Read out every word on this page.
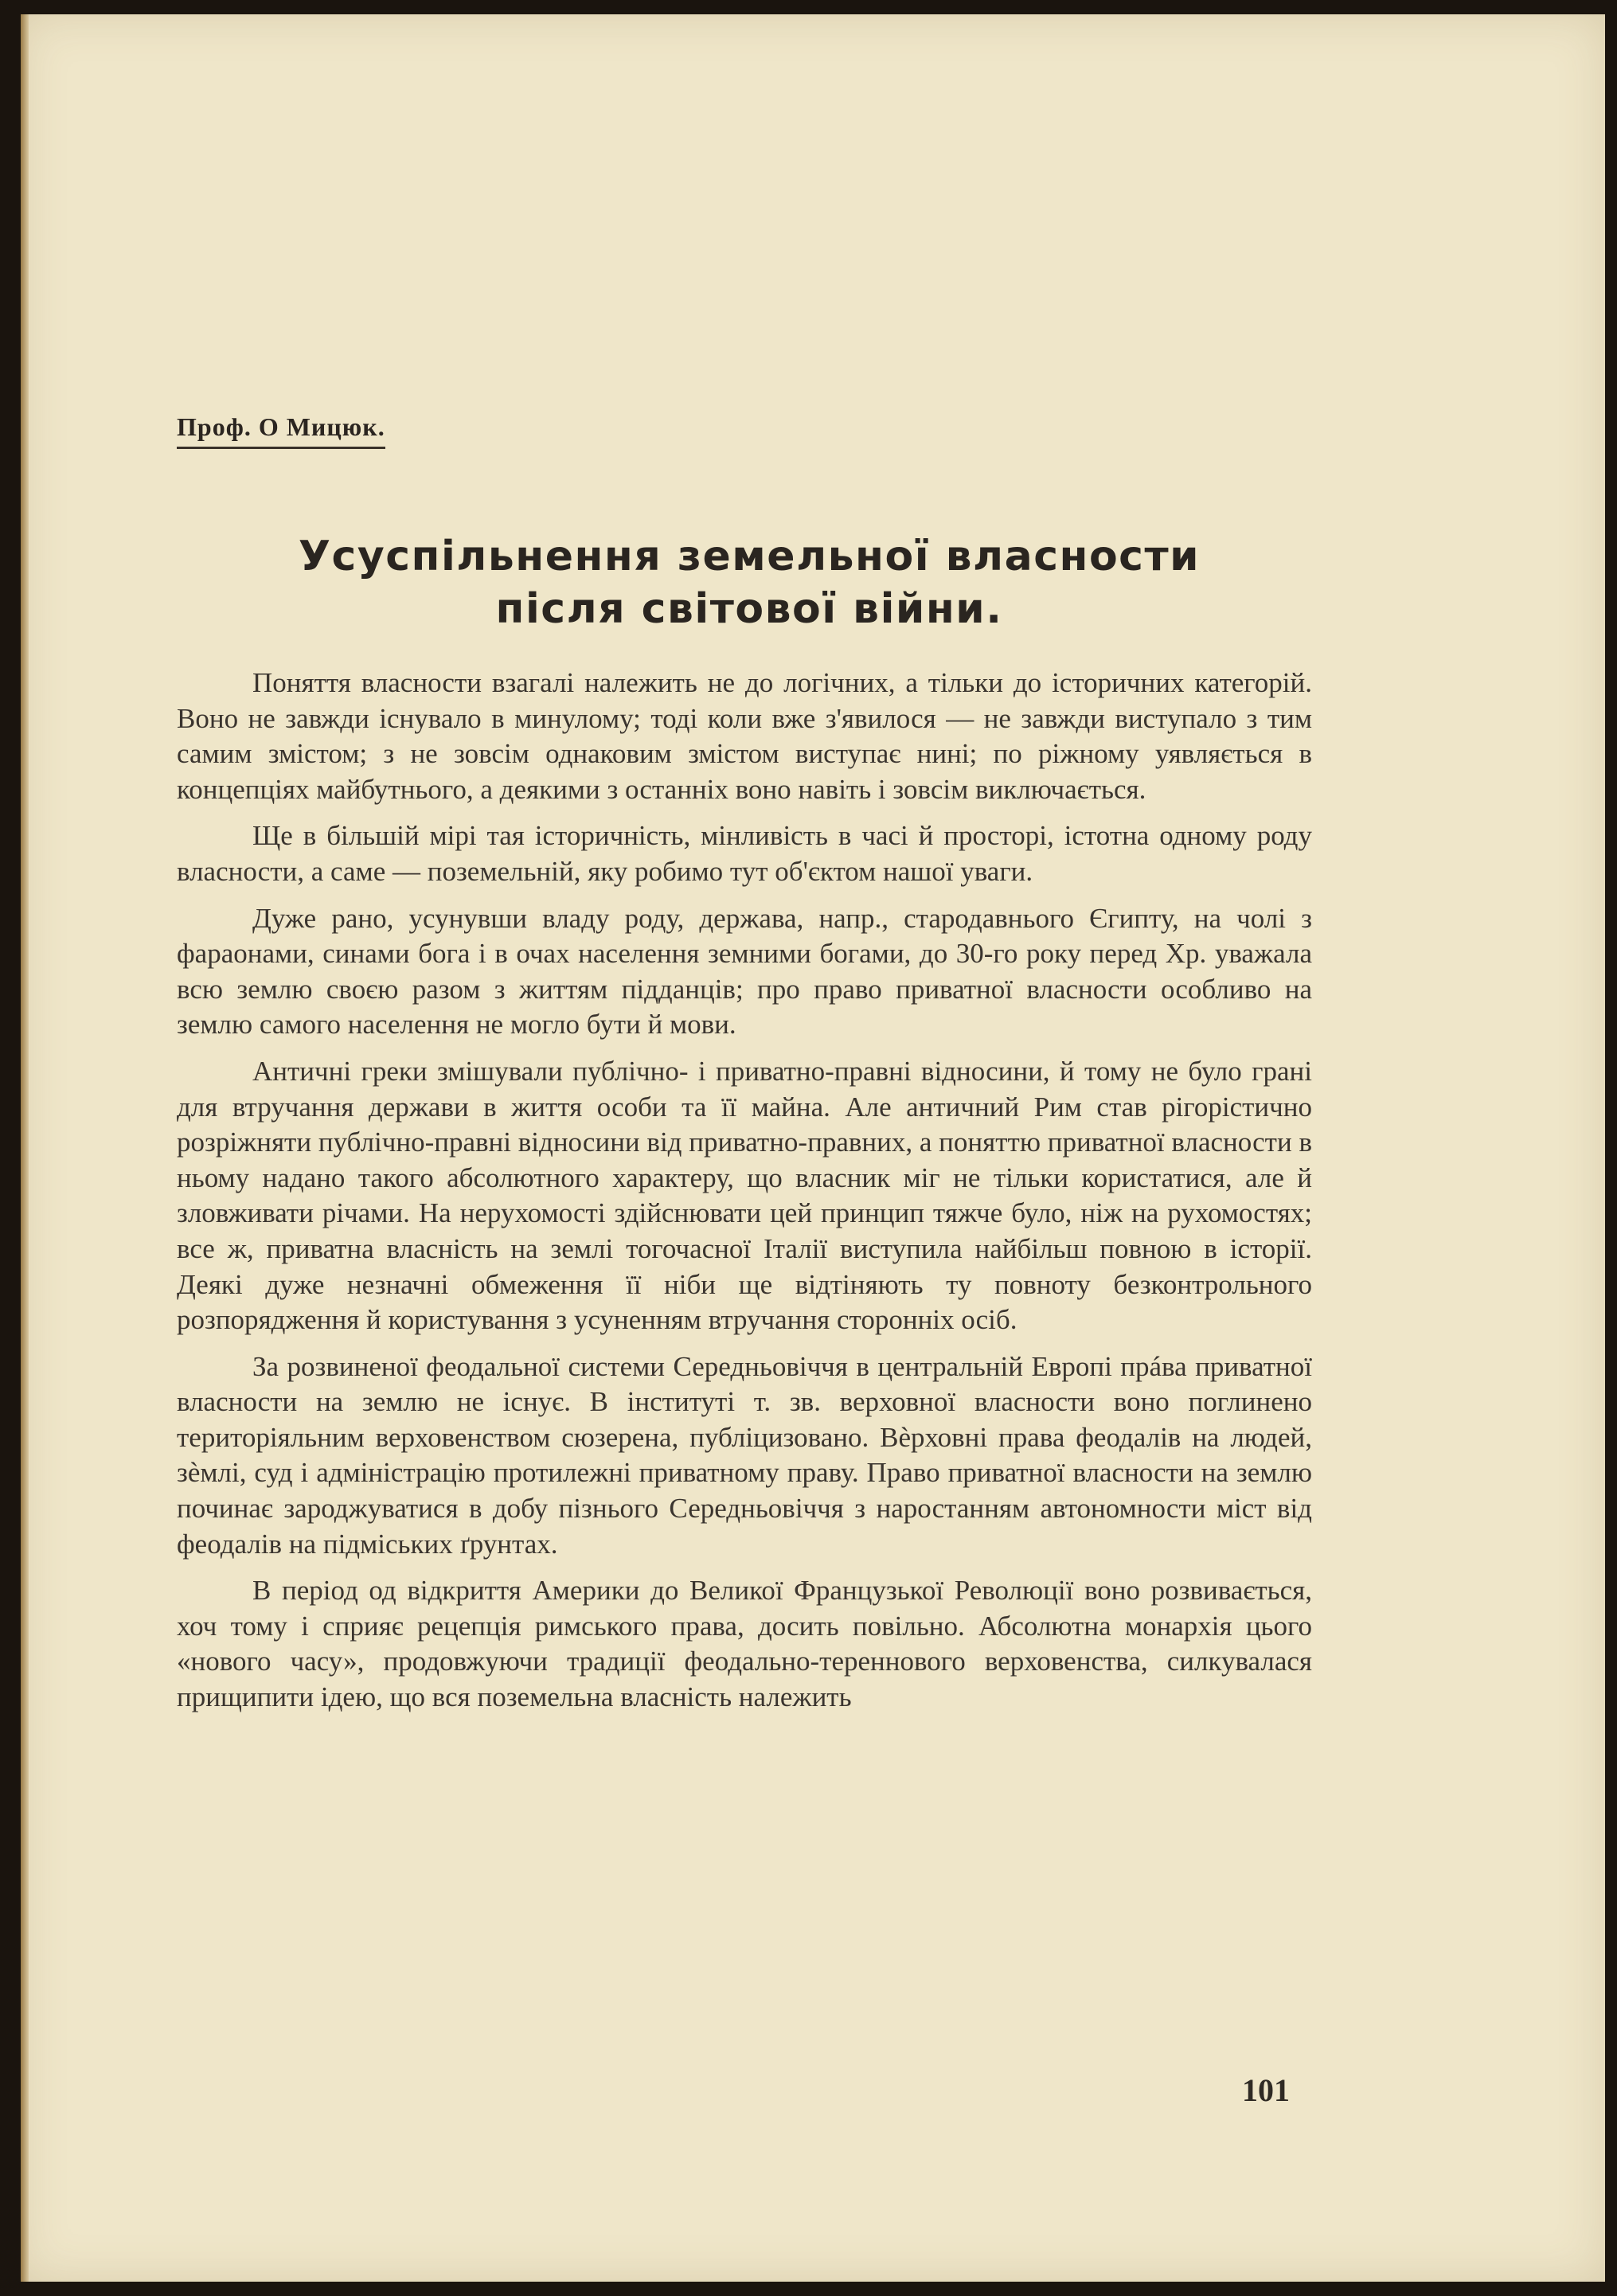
Проф. О Мицюк.
Усуспільнення земельної власности
після світової війни.

Поняття власности взагалі належить не до логічних, а тільки до історичних категорій. Воно не завжди існувало в минулому; тоді коли вже з'явилося — не завжди виступало з тим самим змістом; з не зовсім однаковим змістом виступає нині; по ріжному уявляється в концепціях майбутнього, а деякими з останніх воно навіть і зовсім виключається.

Ще в більшій мірі тая історичність, мінливість в часі й просторі, істотна одному роду власности, а саме — поземельній, яку робимо тут об'єктом нашої уваги.

Дуже рано, усунувши владу роду, держава, напр., стародавнього Єгипту, на чолі з фараонами, синами бога і в очах населення земними богами, до 30-го року перед Хр. уважала всю землю своєю разом з життям підданців; про право приватної власности особливо на землю самого населення не могло бути й мови.

Античні греки змішували публічно- і приватно-правні відносини, й тому не було грані для втручання держави в життя особи та її майна. Але античний Рим став рігорістично розріжняти публічно-правні відносини від приватно-правних, а поняттю приватної власности в ньому надано такого абсолютного характеру, що власник міг не тільки користатися, але й зловживати річами. На нерухомості здійснювати цей принцип тяжче було, ніж на рухомостях; все ж, приватна власність на землі тогочасної Італії виступила найбільш повною в історії. Деякі дуже незначні обмеження її ніби ще відтіняють ту повноту безконтрольного розпорядження й користування з усуненням втручання сторонніх осіб.

За розвиненої феодальної системи Середньовіччя в центральній Европі прáва приватної власности на землю не існує. В інституті т. зв. верховної власности воно поглинено територіяльним верховенством сюзерена, публіцизовано. Вѐрховні права феодалів на людей, зѐмлі, суд і адміністрацію протилежні приватному праву. Право приватної власности на землю починає зароджуватися в добу пізнього Середньовіччя з наростанням автономности міст від феодалів на підміських ґрунтах.

В період од відкриття Америки до Великої Французької Революції воно розвивається, хоч тому і сприяє рецепція римського права, досить повільно. Абсолютна монархія цього «нового часу», продовжуючи традиції феодально-тереннового верховенства, силкувалася прищипити ідею, що вся поземельна власність належить

101
